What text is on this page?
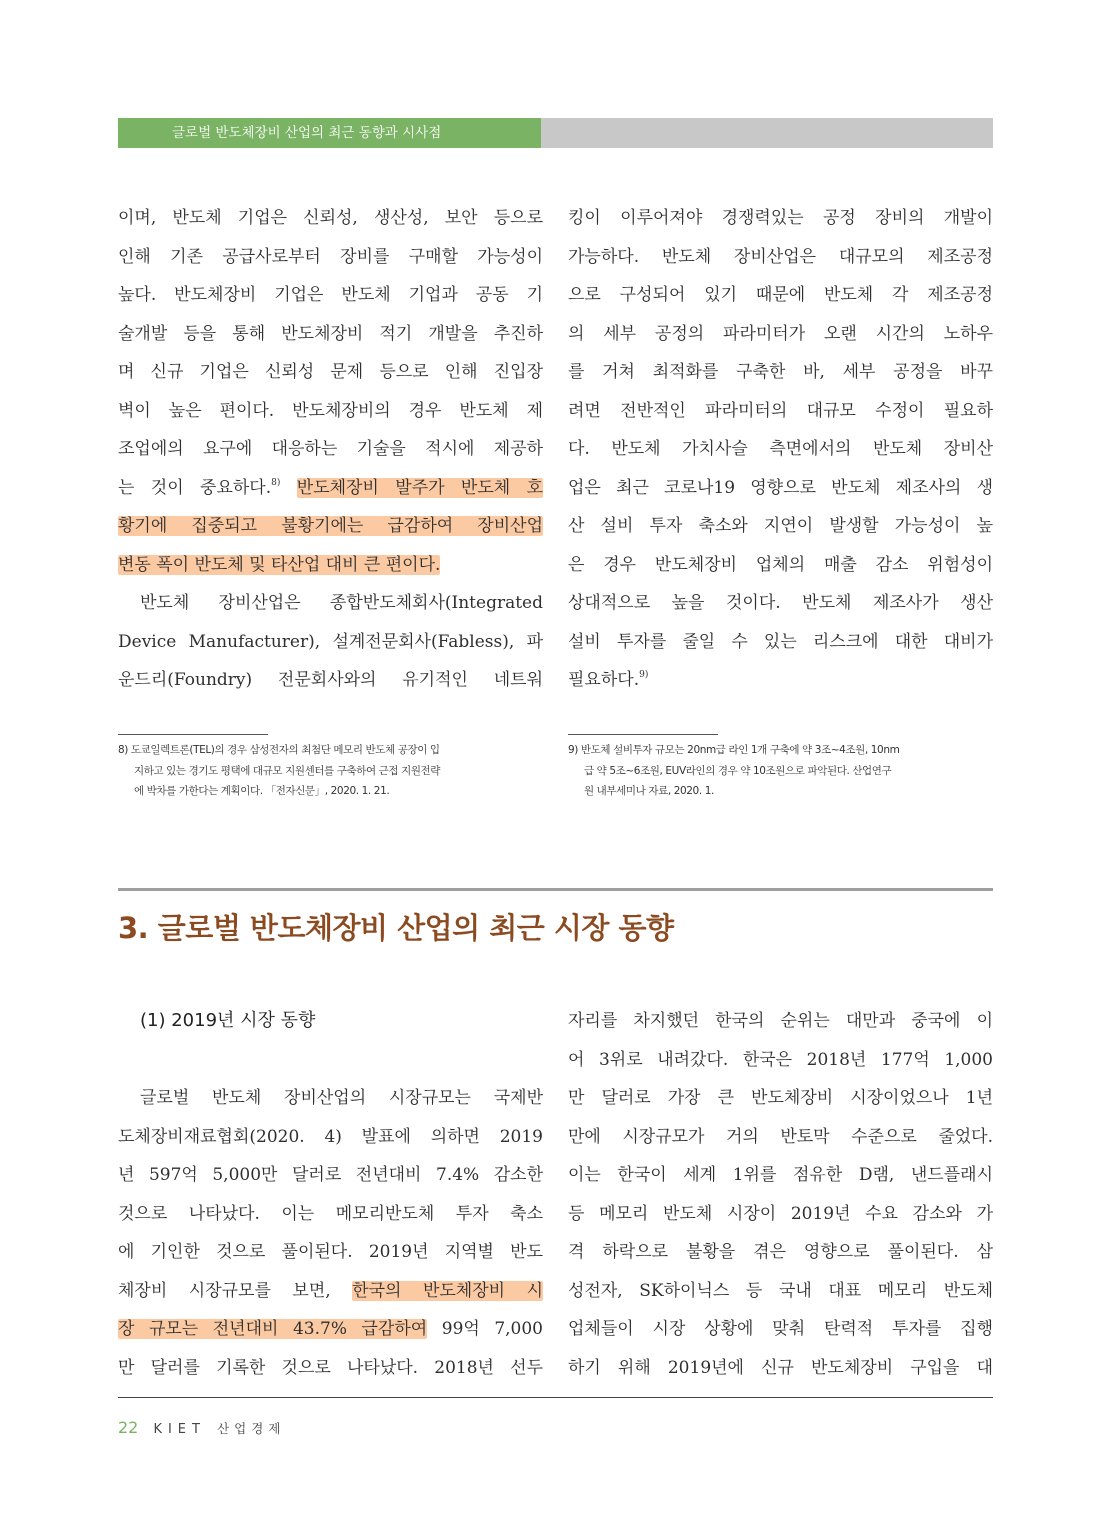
글로벌 반도체장비 산업의 최근 동향과 시사점

이며, 반도체 기업은 신뢰성, 생산성, 보안 등으로

인해 기존 공급사로부터 장비를 구매할 가능성이

높다. 반도체장비 기업은 반도체 기업과 공동 기

술개발 등을 통해 반도체장비 적기 개발을 추진하

며 신규 기업은 신뢰성 문제 등으로 인해 진입장

벽이 높은 편이다. 반도체장비의 경우 반도체 제

조업에의 요구에 대응하는 기술을 적시에 제공하

는 것이 중요하다.$^{8)}$ 반도체장비 발주가 반도체 호

황기에 집중되고 불황기에는 급감하여 장비산업

변동 폭이 반도체 및 타산업 대비 큰 편이다.

반도체 장비산업은 종합반도체회사(Integrated

Device Manufacturer), 설계전문회사(Fabless), 파

운드리(Foundry) 전문회사와의 유기적인 네트워

킹이 이루어져야 경쟁력있는 공정 장비의 개발이

가능하다. 반도체 장비산업은 대규모의 제조공정

으로 구성되어 있기 때문에 반도체 각 제조공정

의 세부 공정의 파라미터가 오랜 시간의 노하우

를 거쳐 최적화를 구축한 바, 세부 공정을 바꾸

려면 전반적인 파라미터의 대규모 수정이 필요하

다. 반도체 가치사슬 측면에서의 반도체 장비산

업은 최근 코로나19 영향으로 반도체 제조사의 생

산 설비 투자 축소와 지연이 발생할 가능성이 높

은 경우 반도체장비 업체의 매출 감소 위험성이

상대적으로 높을 것이다. 반도체 제조사가 생산

설비 투자를 줄일 수 있는 리스크에 대한 대비가

필요하다.$^{9)}$

8) 도쿄일렉트론(TEL)의 경우 삼성전자의 최첨단 메모리 반도체 공장이 입

지하고 있는 경기도 평택에 대규모 지원센터를 구축하여 근접 지원전략

에 박차를 가한다는 계획이다. 「전자신문」, 2020. 1. 21.

9) 반도체 설비투자 규모는 20nm급 라인 1개 구축에 약 3조~4조원, 10nm

급 약 5조~6조원, EUV라인의 경우 약 10조원으로 파악된다. 산업연구

원 내부세미나 자료, 2020. 1.

3. 글로벌 반도체장비 산업의 최근 시장 동향
(1) 2019년 시장 동향

글로벌 반도체 장비산업의 시장규모는 국제반

도체장비재료협회(2020. 4) 발표에 의하면 2019

년 597억 5,000만 달러로 전년대비 7.4% 감소한

것으로 나타났다. 이는 메모리반도체 투자 축소

에 기인한 것으로 풀이된다. 2019년 지역별 반도

체장비 시장규모를 보면, 한국의 반도체장비 시

장 규모는 전년대비 43.7% 급감하여 99억 7,000

만 달러를 기록한 것으로 나타났다. 2018년 선두

자리를 차지했던 한국의 순위는 대만과 중국에 이

어 3위로 내려갔다. 한국은 2018년 177억 1,000

만 달러로 가장 큰 반도체장비 시장이었으나 1년

만에 시장규모가 거의 반토막 수준으로 줄었다.

이는 한국이 세계 1위를 점유한 D램, 낸드플래시

등 메모리 반도체 시장이 2019년 수요 감소와 가

격 하락으로 불황을 겪은 영향으로 풀이된다. 삼

성전자, SK하이닉스 등 국내 대표 메모리 반도체

업체들이 시장 상황에 맞춰 탄력적 투자를 집행

하기 위해 2019년에 신규 반도체장비 구입을 대

22 KIET 산업경제
